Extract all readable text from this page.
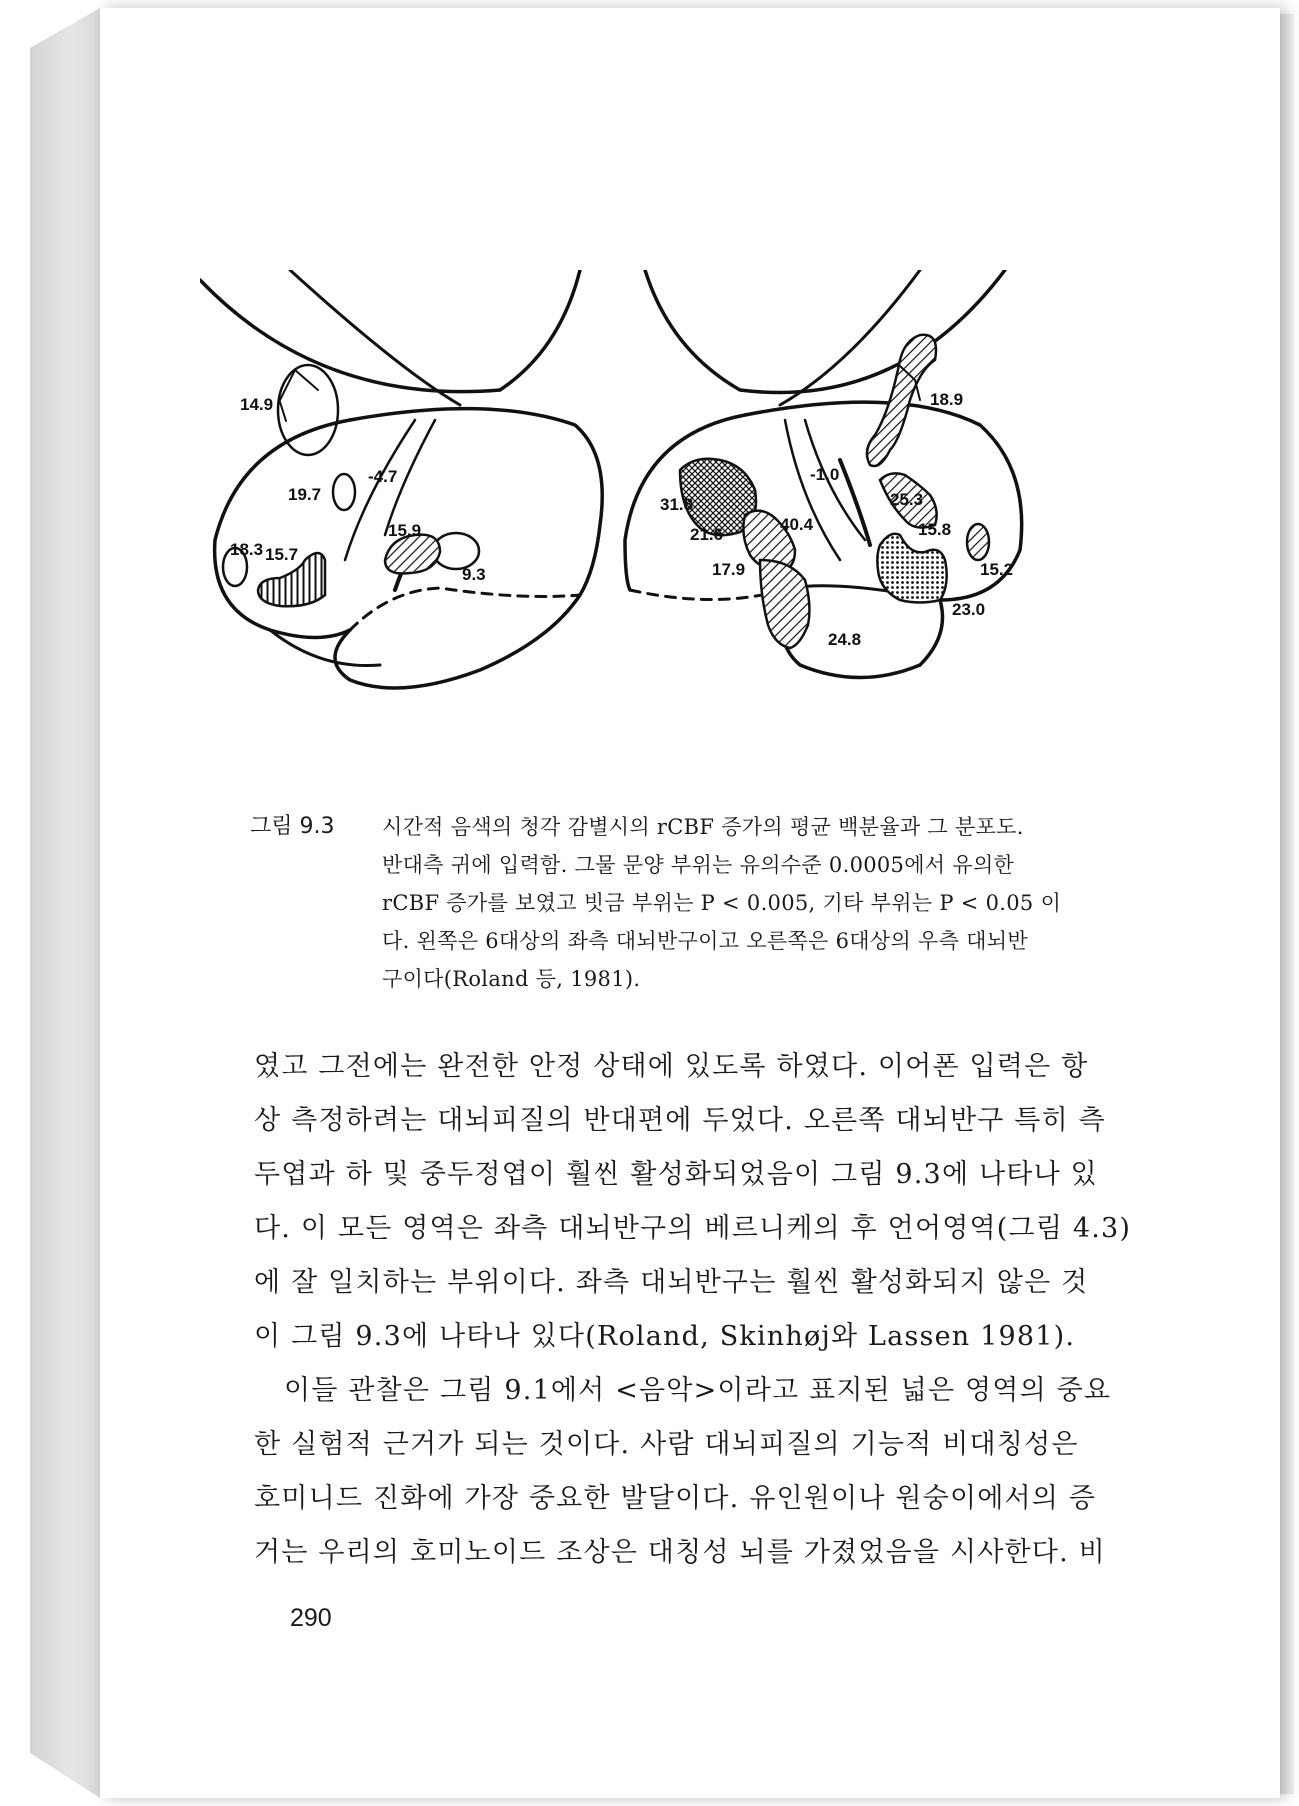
14.9
19.7
-4.7
18.3 15.7
15.9
9.3
18.9
-1.0
25.3
31.8
21.6
40.4	15.8
17.9	15.2
23.0
24.8
그림 9.3	시간적 음색의 청각 감별시의 rCBF 증가의 평균 백분율과 그 분포도.
반대측 귀에 입력함. 그물 문양 부위는 유의수준 0.0005에서 유의한
rCBF 증가를 보였고 빗금 부위는 P < 0.005, 기타 부위는 P < 0.05 이
다. 왼쪽은 6대상의 좌측 대뇌반구이고 오른쪽은 6대상의 우측 대뇌반
구이다(Roland 등, 1981).
였고 그전에는 완전한 안정 상태에 있도록 하였다. 이어폰 입력은 항
상 측정하려는 대뇌피질의 반대편에 두었다. 오른쪽 대뇌반구 특히 측
두엽과 하 및 중두정엽이 훨씬 활성화되었음이 그림 9.3에 나타나 있
다. 이 모든 영역은 좌측 대뇌반구의 베르니케의 후 언어영역(그림 4.3)
에 잘 일치하는 부위이다. 좌측 대뇌반구는 훨씬 활성화되지 않은 것
이 그림 9.3에 나타나 있다(Roland, Skinhøj와 Lassen 1981).
이들 관찰은 그림 9.1에서 <음악>이라고 표지된 넓은 영역의 중요
한 실험적 근거가 되는 것이다. 사람 대뇌피질의 기능적 비대칭성은
호미니드 진화에 가장 중요한 발달이다. 유인원이나 원숭이에서의 증
거는 우리의 호미노이드 조상은 대칭성 뇌를 가졌었음을 시사한다. 비
290
